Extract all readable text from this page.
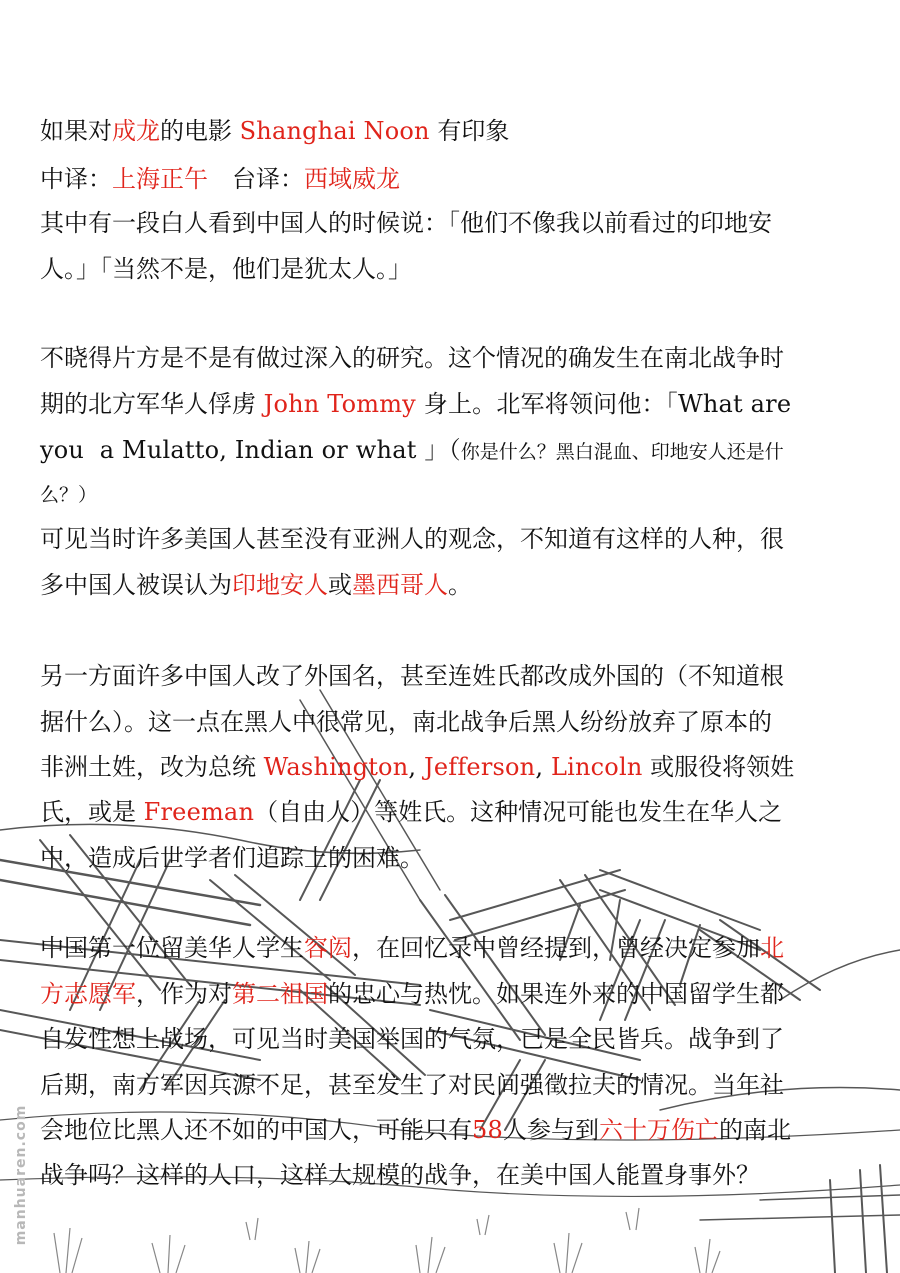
如果对成龙的电影 Shanghai Noon 有印象
中译：上海正午　台译：西域威龙
其中有一段白人看到中国人的时候说：「他们不像我以前看过的印地安
人。」「当然不是，他们是犹太人。」
不晓得片方是不是有做过深入的研究。这个情况的确发生在南北战争时
期的北方军华人俘虏 John Tommy 身上。北军将领问他：「What are
you  a Mulatto, Indian or what 」（你是什么？黑白混血、印地安人还是什
么？）
可见当时许多美国人甚至没有亚洲人的观念，不知道有这样的人种，很
多中国人被误认为印地安人或墨西哥人。
另一方面许多中国人改了外国名，甚至连姓氏都改成外国的（不知道根
据什么）。这一点在黑人中很常见，南北战争后黑人纷纷放弃了原本的
非洲土姓，改为总统 Washington, Jefferson, Lincoln 或服役将领姓
氏，或是 Freeman（自由人）等姓氏。这种情况可能也发生在华人之
中，造成后世学者们追踪上的困难。
中国第一位留美华人学生容闳，在回忆录中曾经提到，曾经决定参加北
方志愿军，作为对第二祖国的忠心与热忱。如果连外来的中国留学生都
自发性想上战场，可见当时美国举国的气氛，已是全民皆兵。战争到了
后期，南方军因兵源不足，甚至发生了对民间强徵拉夫的情况。当年社
会地位比黑人还不如的中国人，可能只有58人参与到六十万伤亡的南北
战争吗？这样的人口，这样大规模的战争，在美中国人能置身事外？
manhuaren.com
